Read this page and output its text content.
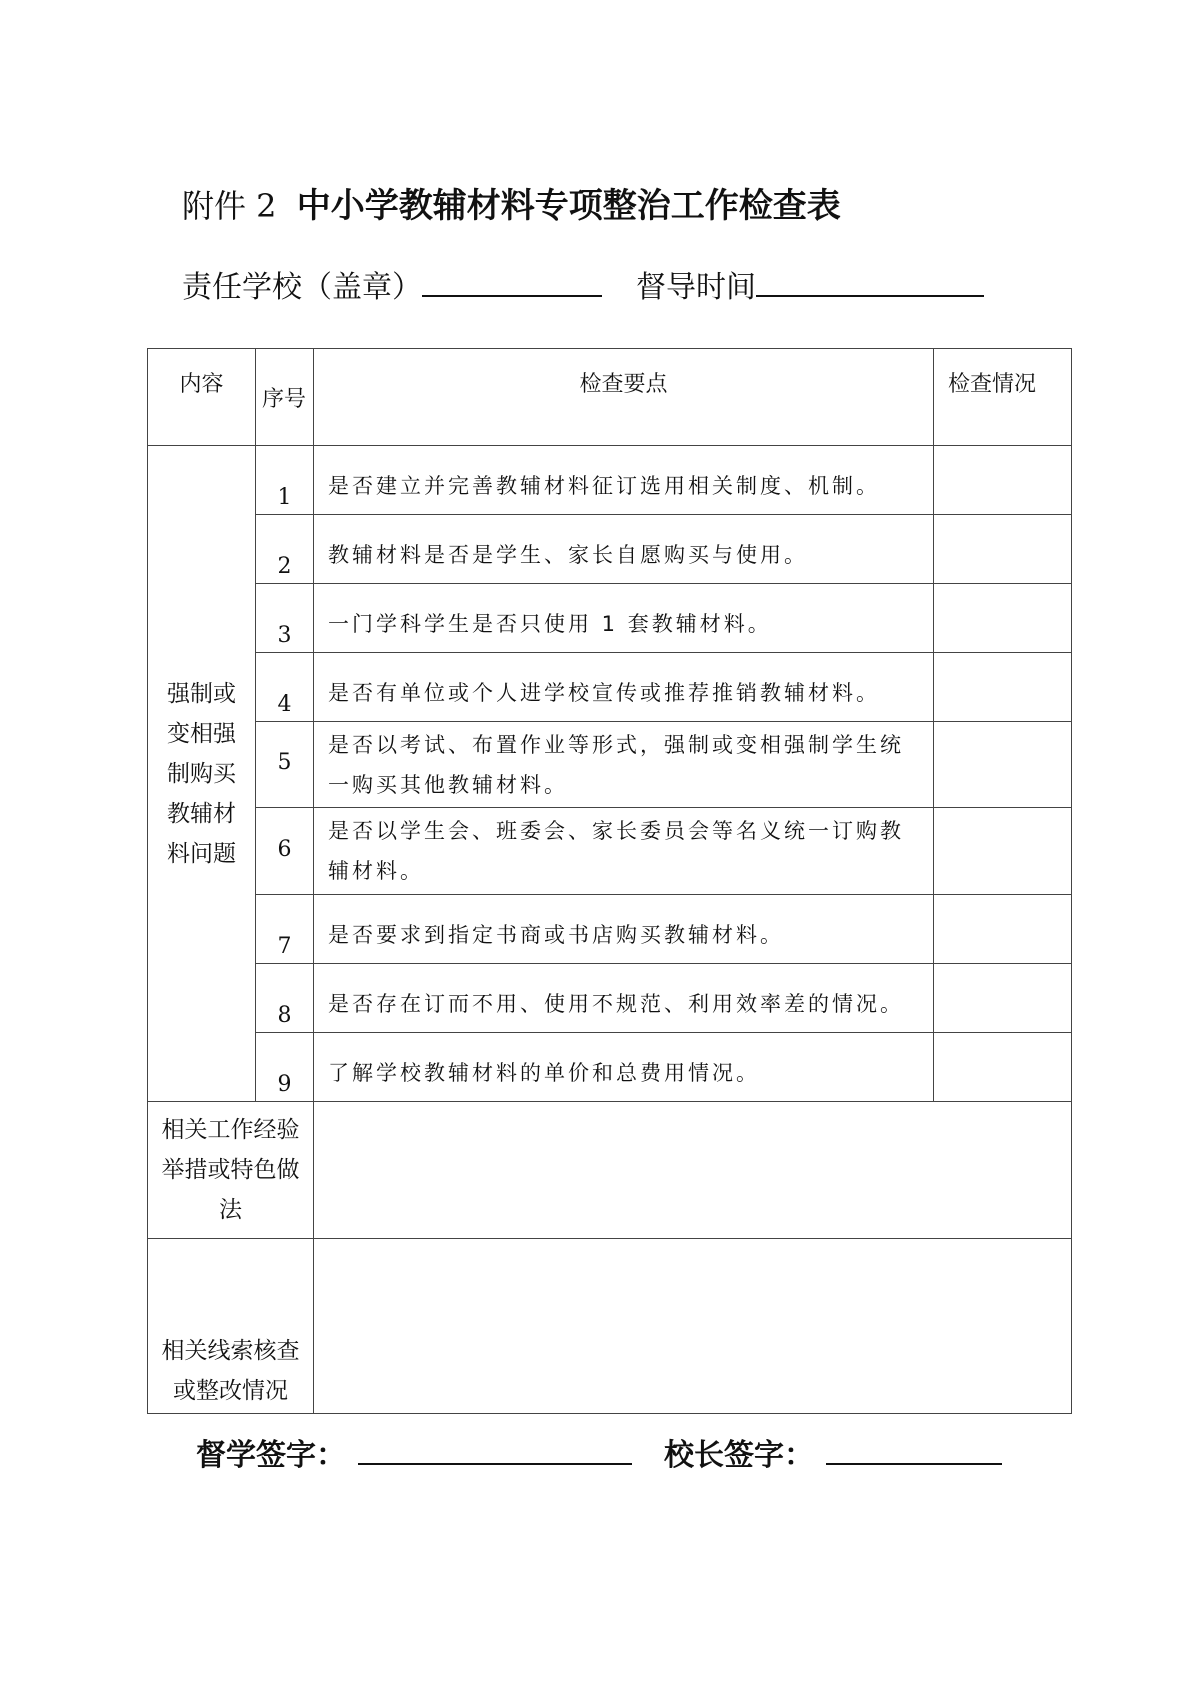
附件 2 中小学教辅材料专项整治工作检查表
责任学校（盖章）	督导时间
内容	序号	检查要点	检查情况
强制或变相强制购买教辅材料问题	1	是否建立并完善教辅材料征订选用相关制度、机制。	
	2	教辅材料是否是学生、家长自愿购买与使用。	
	3	一门学科学生是否只使用 1 套教辅材料。	
	4	是否有单位或个人进学校宣传或推荐推销教辅材料。	
	5	是否以考试、布置作业等形式，强制或变相强制学生统一购买其他教辅材料。	
	6	是否以学生会、班委会、家长委员会等名义统一订购教辅材料。	
	7	是否要求到指定书商或书店购买教辅材料。	
	8	是否存在订而不用、使用不规范、利用效率差的情况。	
	9	了解学校教辅材料的单价和总费用情况。	
相关工作经验举措或特色做法			
相关线索核查或整改情况			
督学签字：	校长签字：
